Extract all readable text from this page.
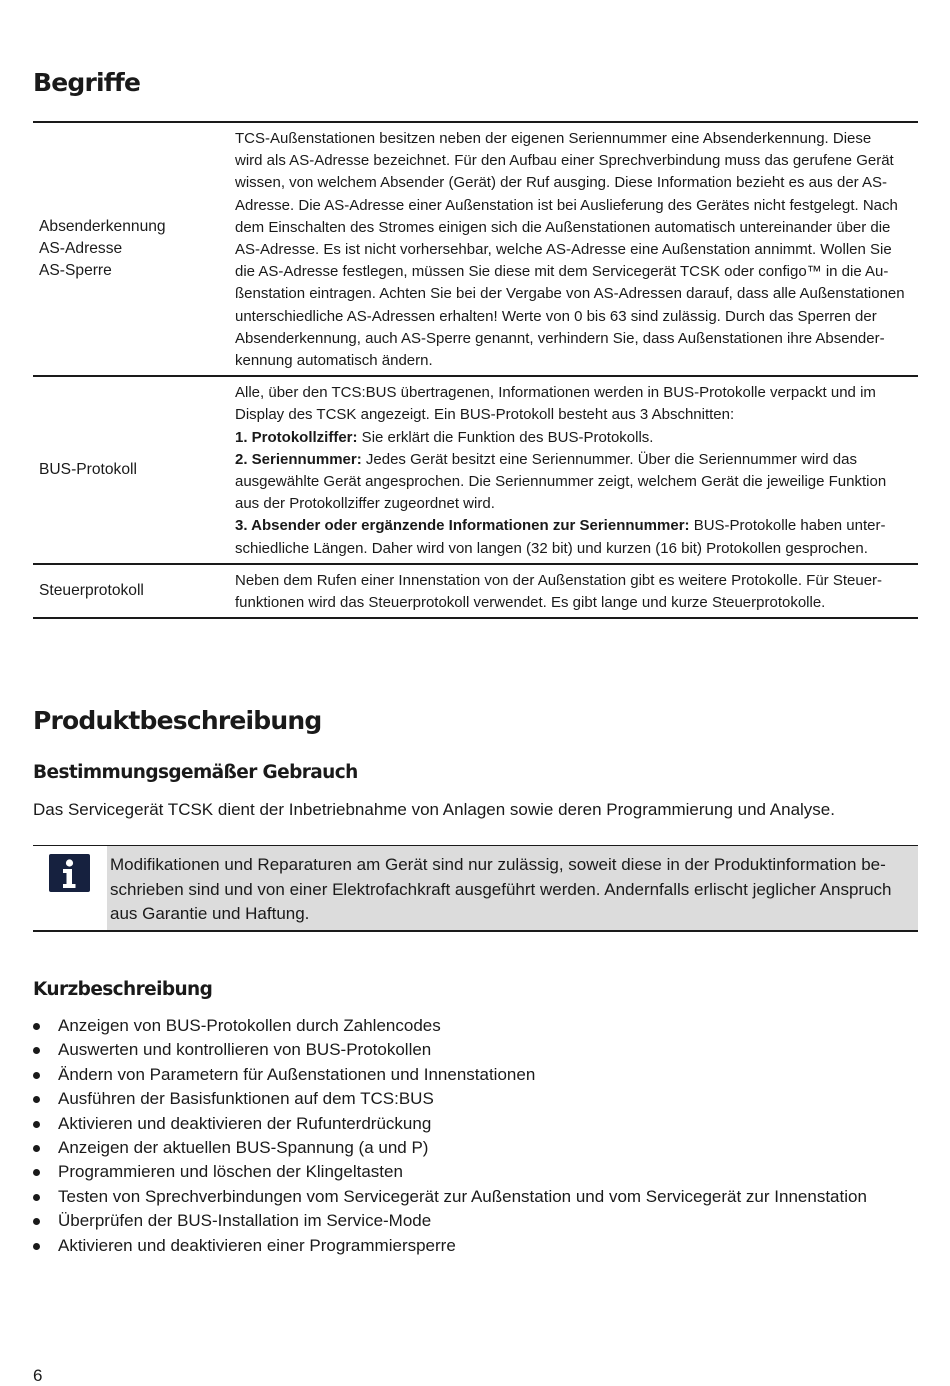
Begriffe
Absenderkennung
AS-Adresse
AS-Sperre
TCS-Außenstationen besitzen neben der eigenen Seriennummer eine Absenderkennung. Diese
wird als AS-Adresse bezeichnet. Für den Aufbau einer Sprechverbindung muss das gerufene Gerät
wissen, von welchem Absender (Gerät) der Ruf ausging. Diese Information bezieht es aus der AS-
Adresse. Die AS-Adresse einer Außenstation ist bei Auslieferung des Gerätes nicht festgelegt. Nach
dem Einschalten des Stromes einigen sich die Außenstationen automatisch untereinander über die
AS-Adresse. Es ist nicht vorhersehbar, welche AS-Adresse eine Außenstation annimmt. Wollen Sie
die AS-Adresse festlegen, müssen Sie diese mit dem Servicegerät TCSK oder configo™ in die Au-
ßenstation eintragen. Achten Sie bei der Vergabe von AS-Adressen darauf, dass alle Außenstationen
unterschiedliche AS-Adressen erhalten! Werte von 0 bis 63 sind zulässig. Durch das Sperren der
Absenderkennung, auch AS-Sperre genannt, verhindern Sie, dass Außenstationen ihre Absender-
kennung automatisch ändern.
BUS-Protokoll
Alle, über den TCS:BUS übertragenen, Informationen werden in BUS-Protokolle verpackt und im
Display des TCSK angezeigt. Ein BUS-Protokoll besteht aus 3 Abschnitten:
1. Protokollziffer: Sie erklärt die Funktion des BUS-Protokolls.
2. Seriennummer: Jedes Gerät besitzt eine Seriennummer. Über die Seriennummer wird das
ausgewählte Gerät angesprochen. Die Seriennummer zeigt, welchem Gerät die jeweilige Funktion
aus der Protokollziffer zugeordnet wird.
3. Absender oder ergänzende Informationen zur Seriennummer: BUS-Protokolle haben unter-
schiedliche Längen. Daher wird von langen (32 bit) und kurzen (16 bit) Protokollen gesprochen.
Steuerprotokoll
Neben dem Rufen einer Innenstation von der Außenstation gibt es weitere Protokolle. Für Steuer-
funktionen wird das Steuerprotokoll verwendet. Es gibt lange und kurze Steuerprotokolle.
Produktbeschreibung
Bestimmungsgemäßer Gebrauch
Das Servicegerät TCSK dient der Inbetriebnahme von Anlagen sowie deren Programmierung und Analyse.
Modifikationen und Reparaturen am Gerät sind nur zulässig, soweit diese in der Produktinformation be-
schrieben sind und von einer Elektrofachkraft ausgeführt werden. Andernfalls erlischt jeglicher Anspruch
aus Garantie und Haftung.
Kurzbeschreibung
Anzeigen von BUS-Protokollen durch Zahlencodes
Auswerten und kontrollieren von BUS-Protokollen
Ändern von Parametern für Außenstationen und Innenstationen
Ausführen der Basisfunktionen auf dem TCS:BUS
Aktivieren und deaktivieren der Rufunterdrückung
Anzeigen der aktuellen BUS-Spannung (a und P)
Programmieren und löschen der Klingeltasten
Testen von Sprechverbindungen vom Servicegerät zur Außenstation und vom Servicegerät zur Innenstation
Überprüfen der BUS-Installation im Service-Mode
Aktivieren und deaktivieren einer Programmiersperre
6
